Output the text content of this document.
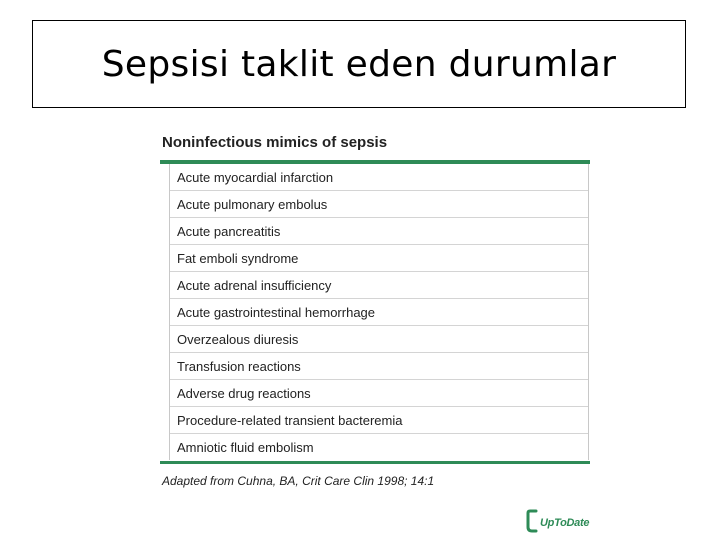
Sepsisi taklit eden durumlar
Noninfectious mimics of sepsis
Acute myocardial infarction
Acute pulmonary embolus
Acute pancreatitis
Fat emboli syndrome
Acute adrenal insufficiency
Acute gastrointestinal hemorrhage
Overzealous diuresis
Transfusion reactions
Adverse drug reactions
Procedure-related transient bacteremia
Amniotic fluid embolism
Adapted from Cuhna, BA, Crit Care Clin 1998; 14:1
UpToDate
